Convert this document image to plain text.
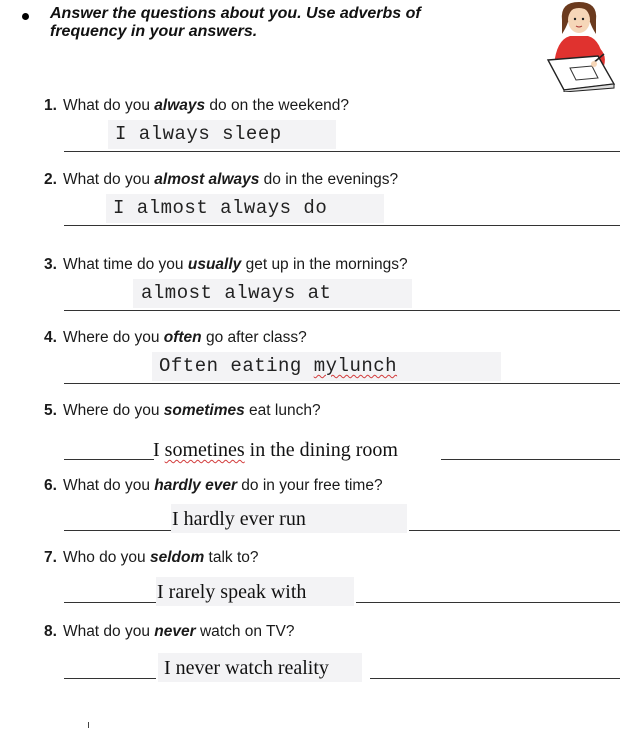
Answer the questions about you. Use adverbs of
frequency in your answers.
1. What do you always do on the weekend?
I always sleep
2. What do you almost always do in the evenings?
I almost always do
3. What time do you usually get up in the mornings?
almost always at
4. Where do you often go after class?
Often eating mylunch
5. Where do you sometimes eat lunch?
I sometines in the dining room
6. What do you hardly ever do in your free time?
I hardly ever run
7. Who do you seldom talk to?
I rarely speak with
8. What do you never watch on TV?
I never watch reality
